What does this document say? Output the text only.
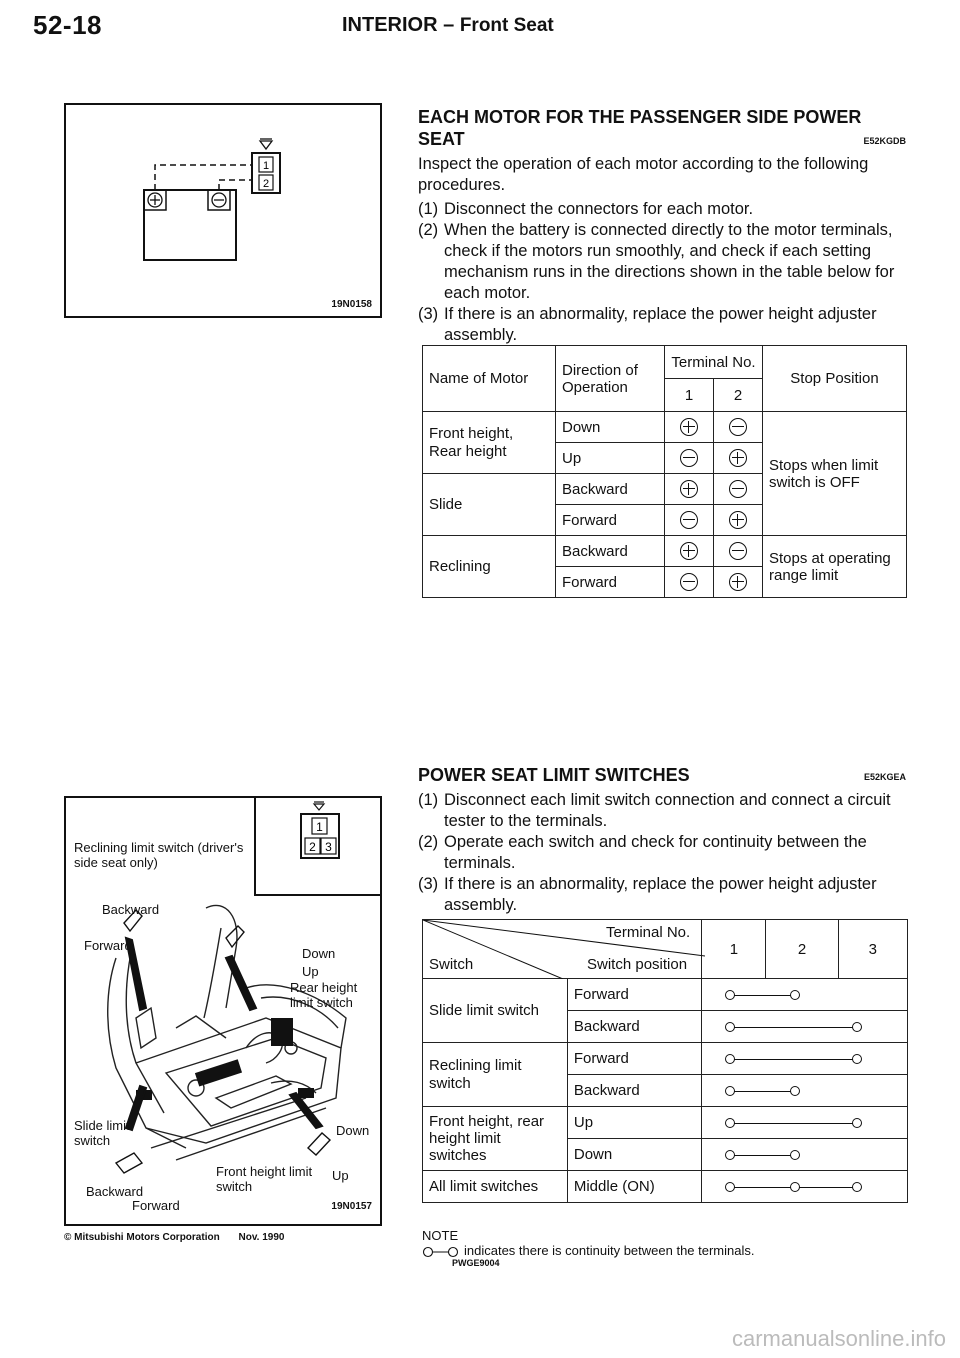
52-18	INTERIOR – Front Seat
1
2
19N0158
EACH MOTOR FOR THE PASSENGER SIDE POWER SEAT	E52KGDB
Inspect the operation of each motor according to the following procedures.
(1) Disconnect the connectors for each motor.
(2) When the battery is connected directly to the motor terminals, check if the motors run smoothly, and check if each setting mechanism runs in the directions shown in the table below for each motor.
(3) If there is an abnormality, replace the power height adjuster assembly.
Name of Motor	Direction of Operation	Terminal No.		Stop Position
		1	2	
Front height, Rear height	Down			Stops when limit switch is OFF
	Up			
Slide	Backward			
	Forward			
Reclining	Backward			Stops at operating range limit
	Forward			
1
2 3
Reclining limit switch (driver's side seat only)
Backward
Forward
Down
Up
Rear height limit switch
Slide limit switch
Down
Front height limit switch
Up
Backward
Forward	19N0157
POWER SEAT LIMIT SWITCHES	E52KGEA
(1) Disconnect each limit switch connection and connect a circuit tester to the terminals.
(2) Operate each switch and check for continuity between the terminals.
(3) If there is an abnormality, replace the power height adjuster assembly.
Terminal No.
Switch Switch position		1	2	3
Slide limit switch	Forward			

	Backward			

Reclining limit switch	Forward			

	Backward			

Front height, rear height limit switches	Up			

	Down			

All limit switches	Middle (ON)			
NOTE
indicates there is continuity between the terminals.
PWGE9004
© Mitsubishi Motors Corporation Nov. 1990
carmanualsonline.info
